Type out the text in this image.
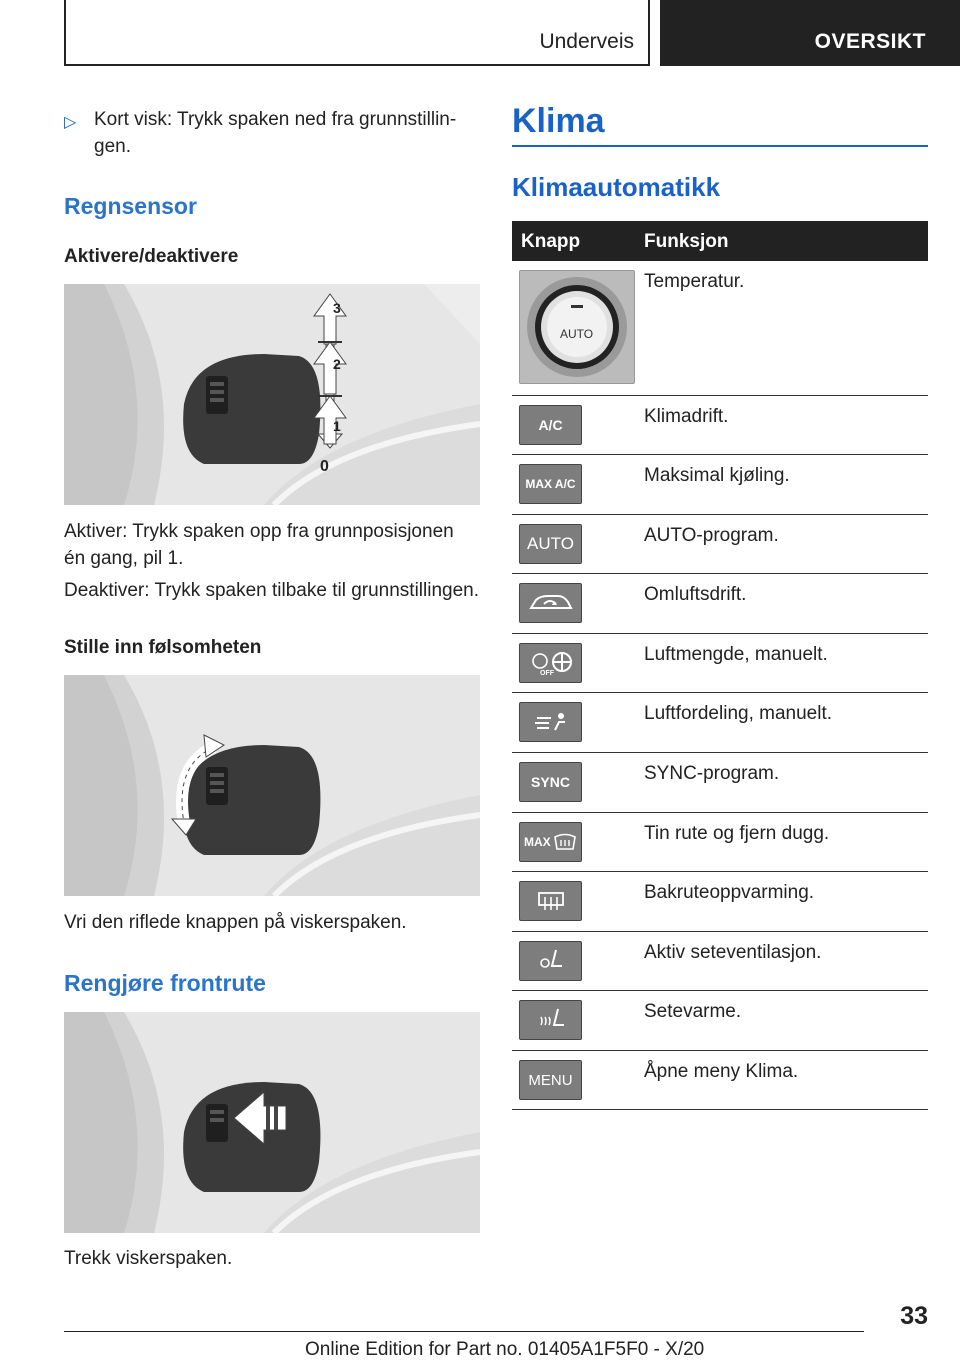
Underveis	OVERSIKT
▷ Kort visk: Trykk spaken ned fra grunnstillin-
gen.
Regnsensor
Aktivere/deaktivere
3
2
1
0
Aktiver: Trykk spaken opp fra grunnposisjonen
én gang, pil 1.
Deaktiver: Trykk spaken tilbake til grunnstillingen.
Stille inn følsomheten
Vri den riflede knappen på viskerspaken.
Rengjøre frontrute
Trekk viskerspaken.
Klima
Klimaautomatikk
Knapp	Funksjon
AUTO
Temperatur.
A/C	Klimadrift.
MAX A/C	Maksimal kjøling.
AUTO	AUTO-program.
Omluftsdrift.
OFF
Luftmengde, manuelt.
Luftfordeling, manuelt.
SYNC	SYNC-program.
MAX	Tin rute og fjern dugg.
Bakruteoppvarming.
Aktiv seteventilasjon.
Setevarme.
MENU	Åpne meny Klima.
33
Online Edition for Part no. 01405A1F5F0 - X/20
